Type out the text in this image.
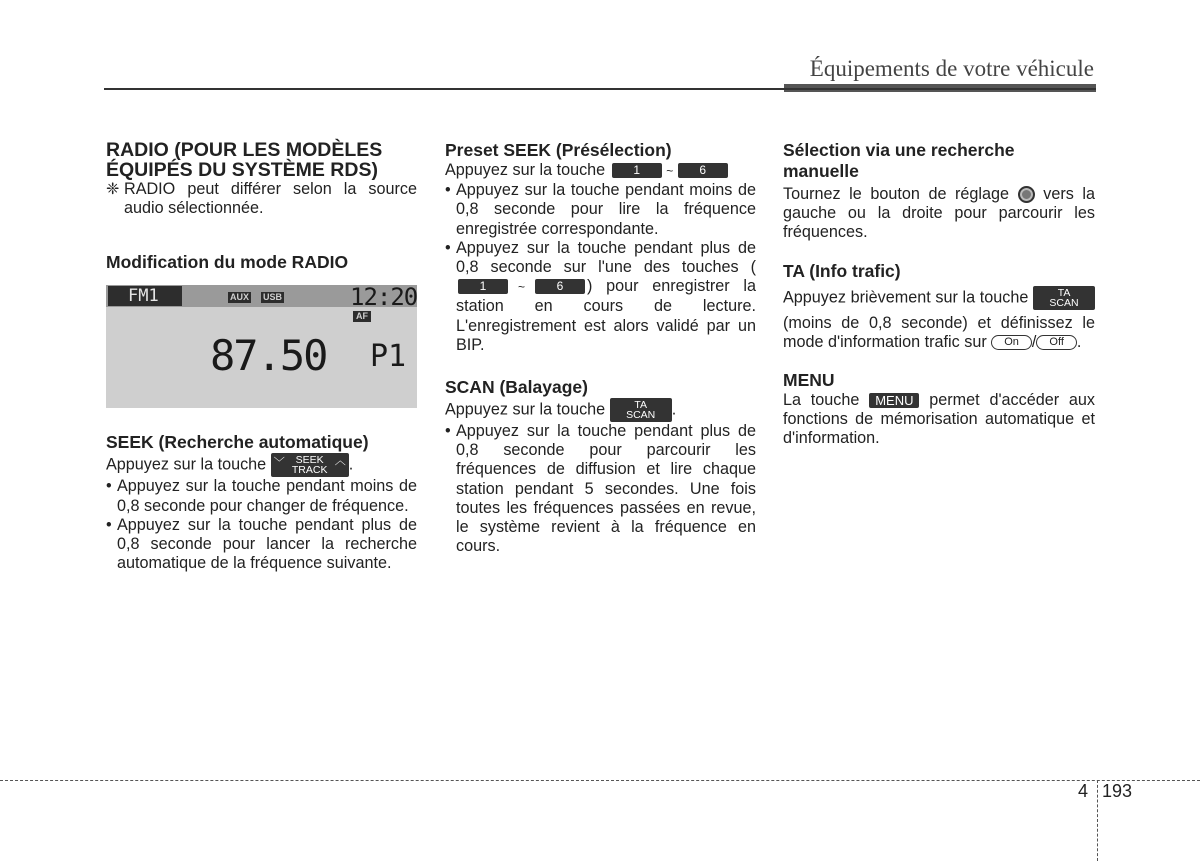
Équipements de votre véhicule
RADIO (POUR LES MODÈLES ÉQUIPÉS DU SYSTÈME RDS)
❈ RADIO peut différer selon la source audio sélectionnée.

Modification du mode RADIO
FM1	AUX USB	12:20
AF
87.50 P1
SEEK (Recherche automatique)

Appuyez sur la touche ﹀	SEEK
TRACK
︿ .

• Appuyez sur la touche pendant moins de 0,8 seconde pour changer de fréquence.

• Appuyez sur la touche pendant plus de 0,8 seconde pour lancer la recherche automatique de la fréquence suivante.

Preset SEEK (Présélection)

Appuyez sur la touche 1 ~ 6

• Appuyez sur la touche pendant moins de 0,8 seconde pour lire la fréquence enregistrée correspondante.

• Appuyez sur la touche pendant plus de 0,8 seconde sur l'une des touches (1	~	6 ) pour enregistrer la station en cours de lecture. L'enregistrement est alors validé par un BIP.

SCAN (Balayage)

Appuyez sur la touche	TA
SCAN	.

• Appuyez sur la touche pendant plus de 0,8 seconde pour parcourir les fréquences de diffusion et lire chaque station pendant 5 secondes. Une fois toutes les fréquences passées en revue, le système revient à la fréquence en cours.

Sélection via une recherche manuelle

Tournez le bouton de réglage vers la gauche ou la droite pour parcourir les fréquences.

TA (Info trafic)

Appuyez brièvement sur la touche	TA
SCAN
(moins de 0,8 seconde) et définissez le mode d'information trafic sur On / Off .

MENU

La touche MENU permet d'accéder aux fonctions de mémorisation automatique et d'information.

4 193
